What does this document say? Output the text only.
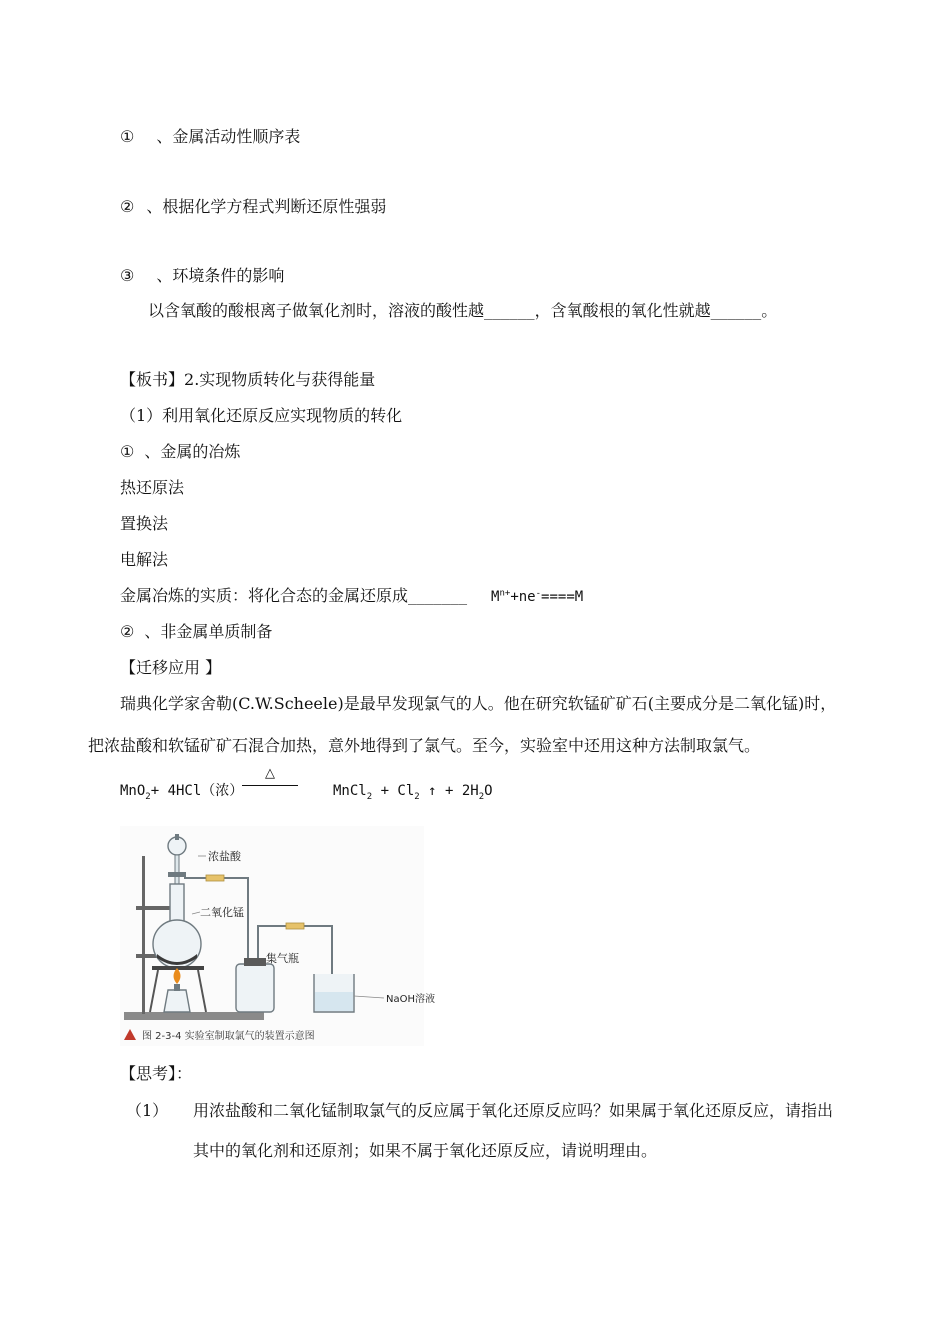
① 、金属活动性顺序表
② 、根据化学方程式判断还原性强弱
③ 、环境条件的影响
以含氧酸的酸根离子做氧化剂时，溶液的酸性越______，含氧酸根的氧化性就越______。
【板书】2.实现物质转化与获得能量
（1）利用氧化还原反应实现物质的转化
① 、金属的冶炼
热还原法
置换法
电解法
金属冶炼的实质：将化合态的金属还原成_______ $M^{n+}+ne^-====M$
② 、非金属单质制备
【迁移应用 】
瑞典化学家舍勒(C.W.Scheele)是最早发现氯气的人。他在研究软锰矿矿石(主要成分是二氧化锰)时，
把浓盐酸和软锰矿矿石混合加热，意外地得到了氯气。至今，实验室中还用这种方法制取氯气。
MnO$_2$+ 4HCl（浓）
△
MnCl$_2$ + $Cl_2$ ↑ + $2H_2O$
浓盐酸
二氧化锰
集气瓶
NaOH溶液
图 2-3-4 实验室制取氯气的装置示意图
【思考】：
（1） 用浓盐酸和二氧化锰制取氯气的反应属于氧化还原反应吗？如果属于氧化还原反应，请指出
其中的氧化剂和还原剂；如果不属于氧化还原反应，请说明理由。
